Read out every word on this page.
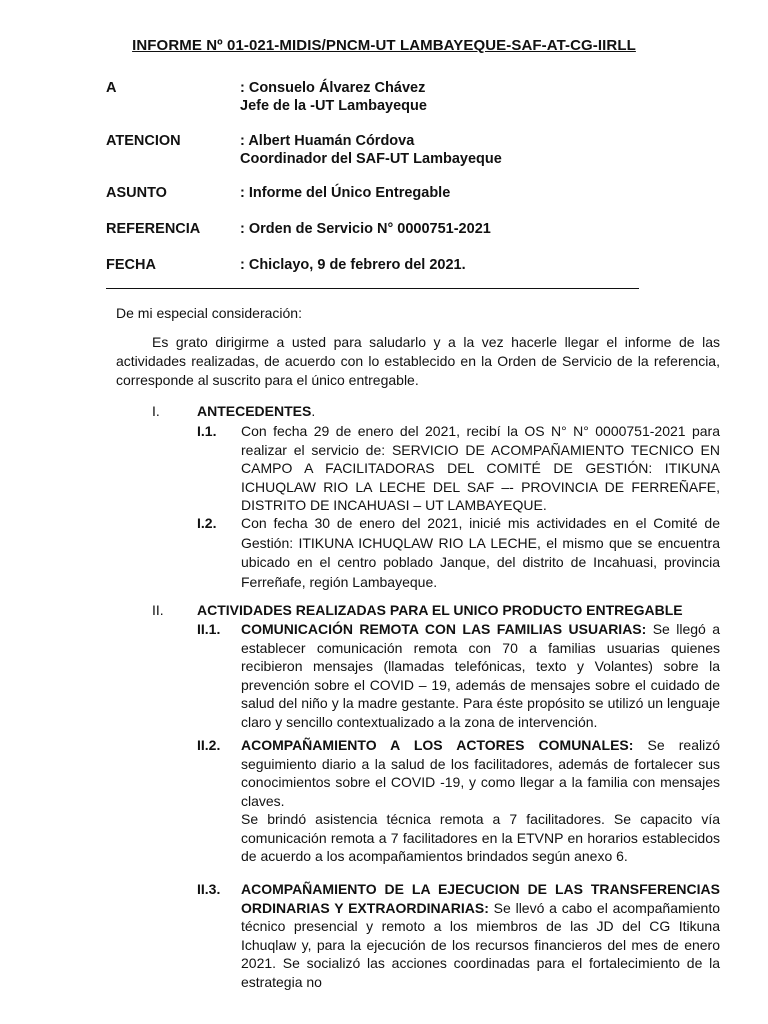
INFORME Nº 01-021-MIDIS/PNCM-UT LAMBAYEQUE-SAF-AT-CG-IIRLL
A	: Consuelo Álvarez Chávez
Jefe de la -UT Lambayeque
ATENCION	: Albert Huamán Córdova
Coordinador del SAF-UT Lambayeque
ASUNTO	: Informe del Único Entregable
REFERENCIA	: Orden de Servicio N° 0000751-2021
FECHA	: Chiclayo, 9 de febrero del 2021.
De mi especial consideración:
Es grato dirigirme a usted para saludarlo y a la vez hacerle llegar el informe de las actividades realizadas, de acuerdo con lo establecido en la Orden de Servicio de la referencia, corresponde al suscrito para el único entregable.
I.	ANTECEDENTES.
I.1. Con fecha 29 de enero del 2021, recibí la OS N° N° 0000751-2021 para realizar el servicio de: SERVICIO DE ACOMPAÑAMIENTO TECNICO EN CAMPO A FACILITADORAS DEL COMITÉ DE GESTIÓN: ITIKUNA ICHUQLAW RIO LA LECHE DEL SAF –- PROVINCIA DE FERREÑAFE, DISTRITO DE INCAHUASI – UT LAMBAYEQUE.
I.2. Con fecha 30 de enero del 2021, inicié mis actividades en el Comité de Gestión: ITIKUNA ICHUQLAW RIO LA LECHE, el mismo que se encuentra ubicado en el centro poblado Janque, del distrito de Incahuasi, provincia Ferreñafe, región Lambayeque.
II. ACTIVIDADES REALIZADAS PARA EL UNICO PRODUCTO ENTREGABLE
II.1. COMUNICACIÓN REMOTA CON LAS FAMILIAS USUARIAS: Se llegó a establecer comunicación remota con 70 a familias usuarias quienes recibieron mensajes (llamadas telefónicas, texto y Volantes) sobre la prevención sobre el COVID – 19, además de mensajes sobre el cuidado de salud del niño y la madre gestante. Para éste propósito se utilizó un lenguaje claro y sencillo contextualizado a la zona de intervención.
II.2. ACOMPAÑAMIENTO A LOS ACTORES COMUNALES: Se realizó seguimiento diario a la salud de los facilitadores, además de fortalecer sus conocimientos sobre el COVID -19, y como llegar a la familia con mensajes claves.
Se brindó asistencia técnica remota a 7 facilitadores. Se capacito vía comunicación remota a 7 facilitadores en la ETVNP en horarios establecidos de acuerdo a los acompañamientos brindados según anexo 6.
II.3. ACOMPAÑAMIENTO DE LA EJECUCION DE LAS TRANSFERENCIAS ORDINARIAS Y EXTRAORDINARIAS: Se llevó a cabo el acompañamiento técnico presencial y remoto a los miembros de las JD del CG Itikuna Ichuqlaw y, para la ejecución de los recursos financieros del mes de enero 2021. Se socializó las acciones coordinadas para el fortalecimiento de la estrategia no
